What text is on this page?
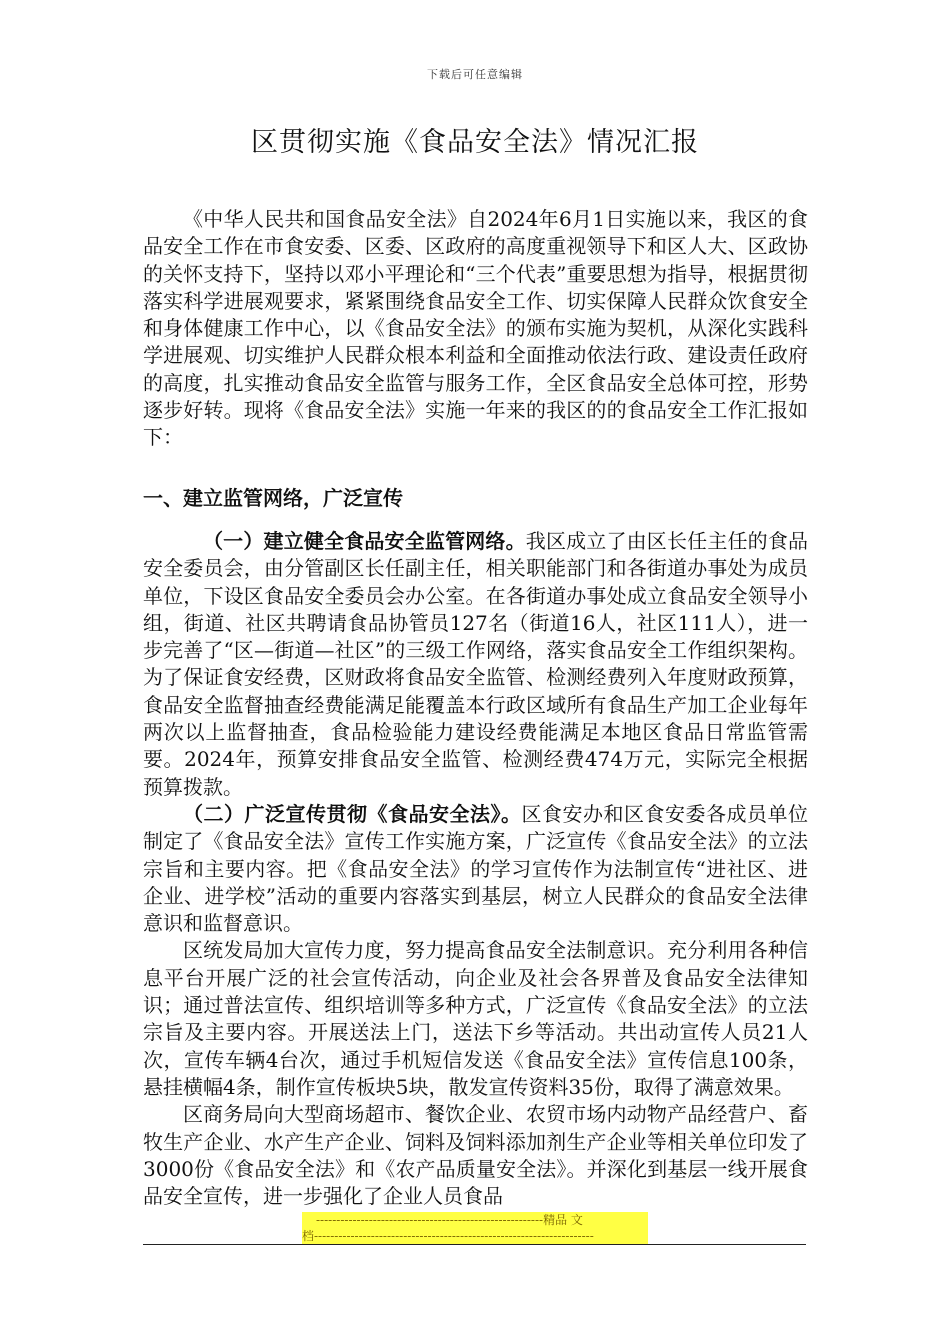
下载后可任意编辑
区贯彻实施《食品安全法》情况汇报

《中华人民共和国食品安全法》自2024年6月1日实施以来，我区的食品安全工作在市食安委、区委、区政府的高度重视领导下和区人大、区政协的关怀支持下，坚持以邓小平理论和“三个代表”重要思想为指导，根据贯彻落实科学进展观要求，紧紧围绕食品安全工作、切实保障人民群众饮食安全和身体健康工作中心，以《食品安全法》的颁布实施为契机，从深化实践科学进展观、切实维护人民群众根本利益和全面推动依法行政、建设责任政府的高度，扎实推动食品安全监管与服务工作，全区食品安全总体可控，形势逐步好转。现将《食品安全法》实施一年来的我区的的食品安全工作汇报如下：

一、建立监管网络，广泛宣传

（一）建立健全食品安全监管网络。我区成立了由区长任主任的食品安全委员会，由分管副区长任副主任，相关职能部门和各街道办事处为成员单位，下设区食品安全委员会办公室。在各街道办事处成立食品安全领导小组，街道、社区共聘请食品协管员127名（街道16人，社区111人），进一步完善了“区—街道—社区”的三级工作网络，落实食品安全工作组织架构。为了保证食安经费，区财政将食品安全监管、检测经费列入年度财政预算，食品安全监督抽查经费能满足能覆盖本行政区域所有食品生产加工企业每年两次以上监督抽查，食品检验能力建设经费能满足本地区食品日常监管需要。2024年，预算安排食品安全监管、检测经费474万元，实际完全根据预算拨款。

（二）广泛宣传贯彻《食品安全法》。区食安办和区食安委各成员单位制定了《食品安全法》宣传工作实施方案，广泛宣传《食品安全法》的立法宗旨和主要内容。把《食品安全法》的学习宣传作为法制宣传“进社区、进企业、进学校”活动的重要内容落实到基层，树立人民群众的食品安全法律意识和监督意识。

区统发局加大宣传力度，努力提高食品安全法制意识。充分利用各种信息平台开展广泛的社会宣传活动，向企业及社会各界普及食品安全法律知识；通过普法宣传、组织培训等多种方式，广泛宣传《食品安全法》的立法宗旨及主要内容。开展送法上门，送法下乡等活动。共出动宣传人员21人次，宣传车辆4台次，通过手机短信发送《食品安全法》宣传信息100条，悬挂横幅4条，制作宣传板块5块，散发宣传资料35份，取得了满意效果。

区商务局向大型商场超市、餐饮企业、农贸市场内动物产品经营户、畜牧生产企业、水产生产企业、饲料及饲料添加剂生产企业等相关单位印发了3000份《食品安全法》和《农产品质量安全法》。并深化到基层一线开展食品安全宣传，进一步强化了企业人员食品

--------------------------------------------------------精品 文
档---------------------------------------------------------------------
